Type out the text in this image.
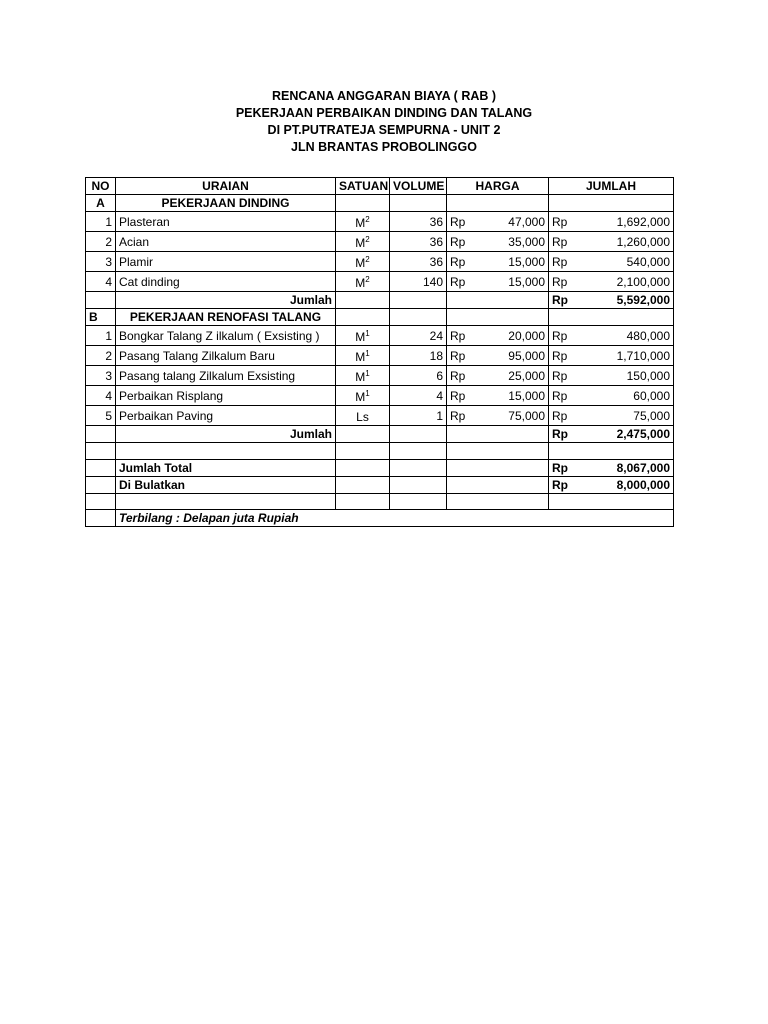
RENCANA ANGGARAN BIAYA ( RAB )
PEKERJAAN PERBAIKAN DINDING DAN TALANG
DI PT.PUTRATEJA SEMPURNA - UNIT 2
JLN BRANTAS PROBOLINGGO
NO	URAIAN	SATUAN	VOLUME	HARGA		JUMLAH	
A	PEKERJAAN DINDING						
1	Plasteran	$M^2$	36	Rp	47,000	Rp	1,692,000
2	Acian	$M^2$	36	Rp	35,000	Rp	1,260,000
3	Plamir	$M^2$	36	Rp	15,000	Rp	540,000
4	Cat dinding	$M^2$	140	Rp	15,000	Rp	2,100,000
	Jumlah					Rp	5,592,000
B	PEKERJAAN RENOFASI TALANG						
1	Bongkar Talang Z ilkalum ( Exsisting )	$M^1$	24	Rp	20,000	Rp	480,000
2	Pasang Talang Zilkalum Baru	$M^1$	18	Rp	95,000	Rp	1,710,000
3	Pasang talang Zilkalum Exsisting	$M^1$	6	Rp	25,000	Rp	150,000
4	Perbaikan Risplang	$M^1$	4	Rp	15,000	Rp	60,000
5	Perbaikan Paving	Ls	1	Rp	75,000	Rp	75,000
	Jumlah					Rp	2,475,000

	Jumlah Total					Rp	8,067,000
	Di Bulatkan					Rp	8,000,000

	Terbilang : Delapan juta Rupiah						
